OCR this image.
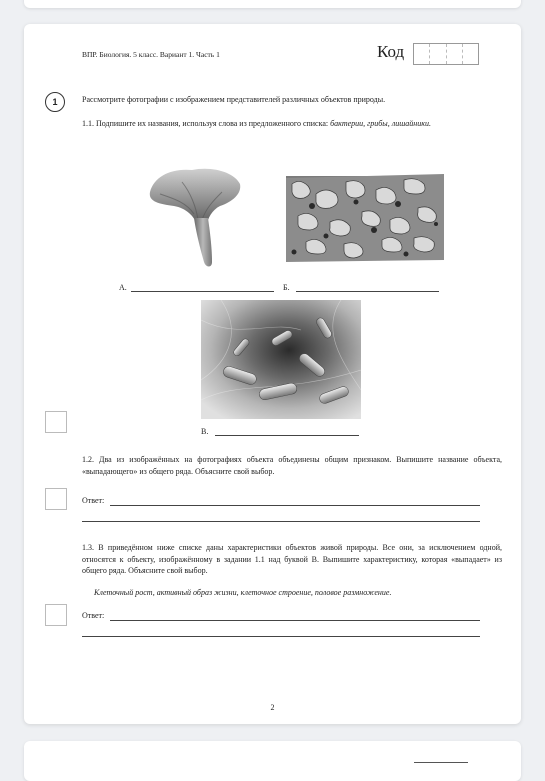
ВПР. Биология. 5 класс. Вариант 1. Часть 1	Код
1	Рассмотрите фотографии с изображением представителей различных объектов природы.
1.1. Подпишите их названия, используя слова из предложенного списка: бактерии, грибы, лишайники.
А.	Б.
В.
1.2. Два из изображённых на фотографиях объекта объединены общим признаком. Выпишите название объекта, «выпадающего» из общего ряда. Объясните свой выбор.
Ответ:
1.3. В приведённом ниже списке даны характеристики объектов живой природы. Все они, за исключением одной, относятся к объекту, изображённому в задании 1.1 над буквой В. Выпишите характеристику, которая «выпадает» из общего ряда. Объясните свой выбор.
Клеточный рост, активный образ жизни, клеточное строение, половое размножение.
Ответ:
2
